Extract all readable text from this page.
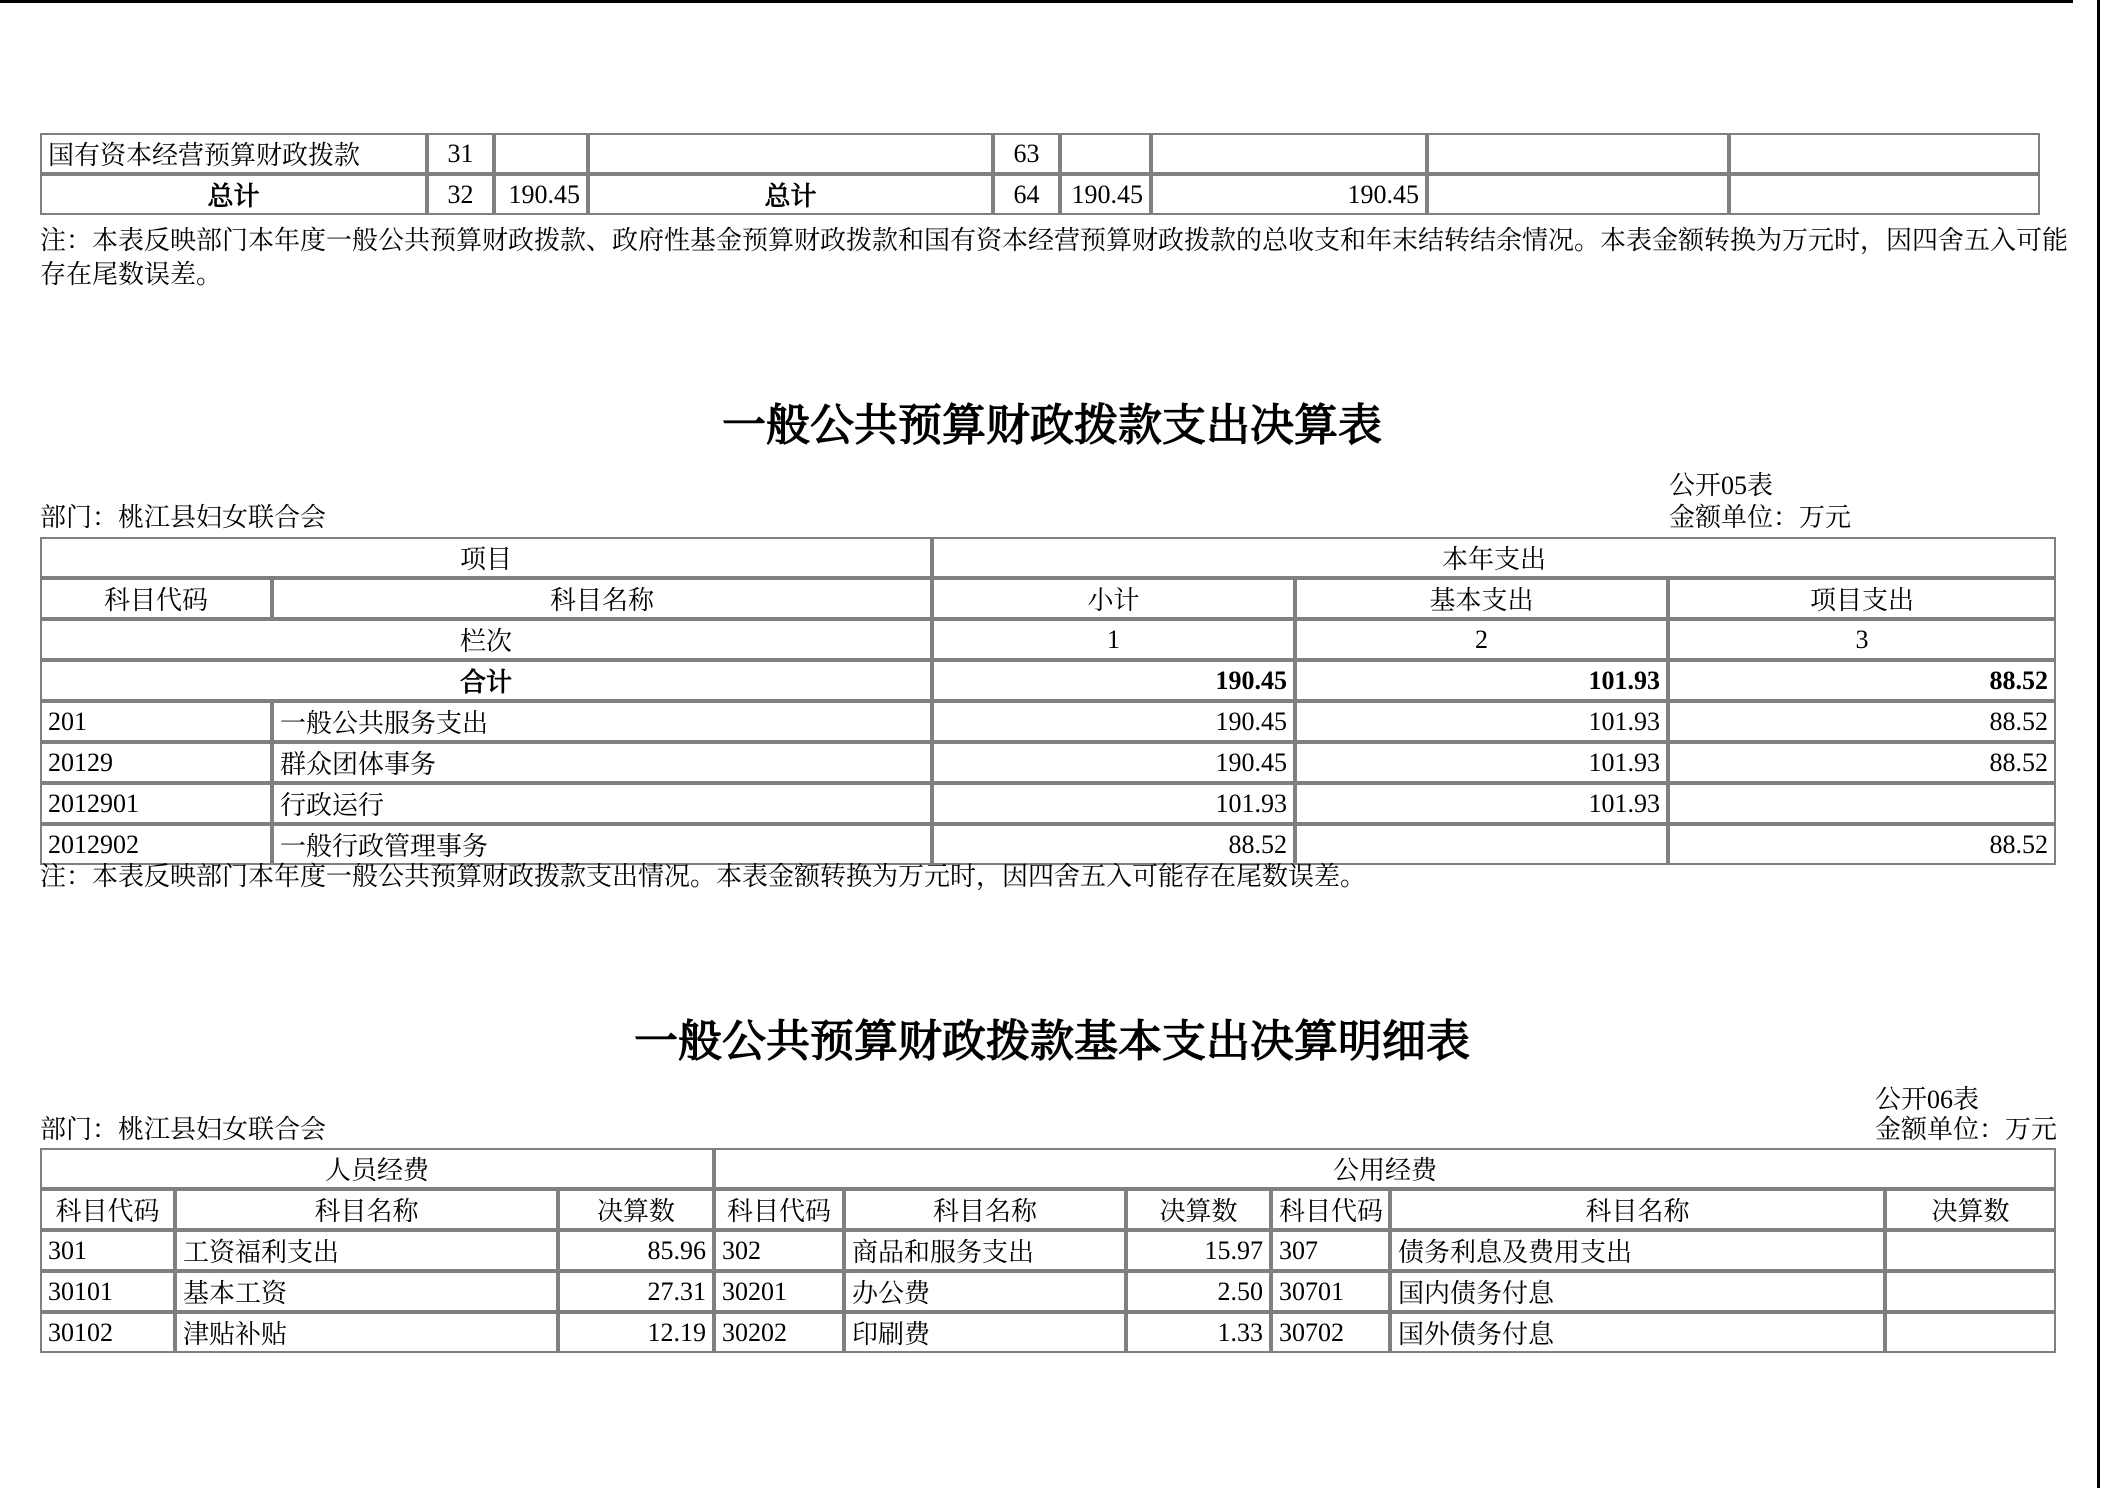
国有资本经营预算财政拨款	31			63				
总计	32	190.45	总计	64	190.45	190.45		
注：本表反映部门本年度一般公共预算财政拨款、政府性基金预算财政拨款和国有资本经营预算财政拨款的总收支和年末结转结余情况。本表金额转换为万元时，因四舍五入可能存在尾数误差。
一般公共预算财政拨款支出决算表
公开05表
部门：桃江县妇女联合会	金额单位：万元
项目		本年支出		
科目代码	科目名称	小计	基本支出	项目支出
栏次		1	2	3
合计		190.45	101.93	88.52
201	一般公共服务支出	190.45	101.93	88.52
20129	群众团体事务	190.45	101.93	88.52
2012901	行政运行	101.93	101.93	
2012902	一般行政管理事务	88.52		88.52
注：本表反映部门本年度一般公共预算财政拨款支出情况。本表金额转换为万元时，因四舍五入可能存在尾数误差。
一般公共预算财政拨款基本支出决算明细表
公开06表
部门：桃江县妇女联合会	金额单位：万元
人员经费			公用经费					
科目代码	科目名称	决算数	科目代码	科目名称	决算数	科目代码	科目名称	决算数
301	工资福利支出	85.96	302	商品和服务支出	15.97	307	债务利息及费用支出	
30101	基本工资	27.31	30201	办公费	2.50	30701	国内债务付息	
30102	津贴补贴	12.19	30202	印刷费	1.33	30702	国外债务付息	
